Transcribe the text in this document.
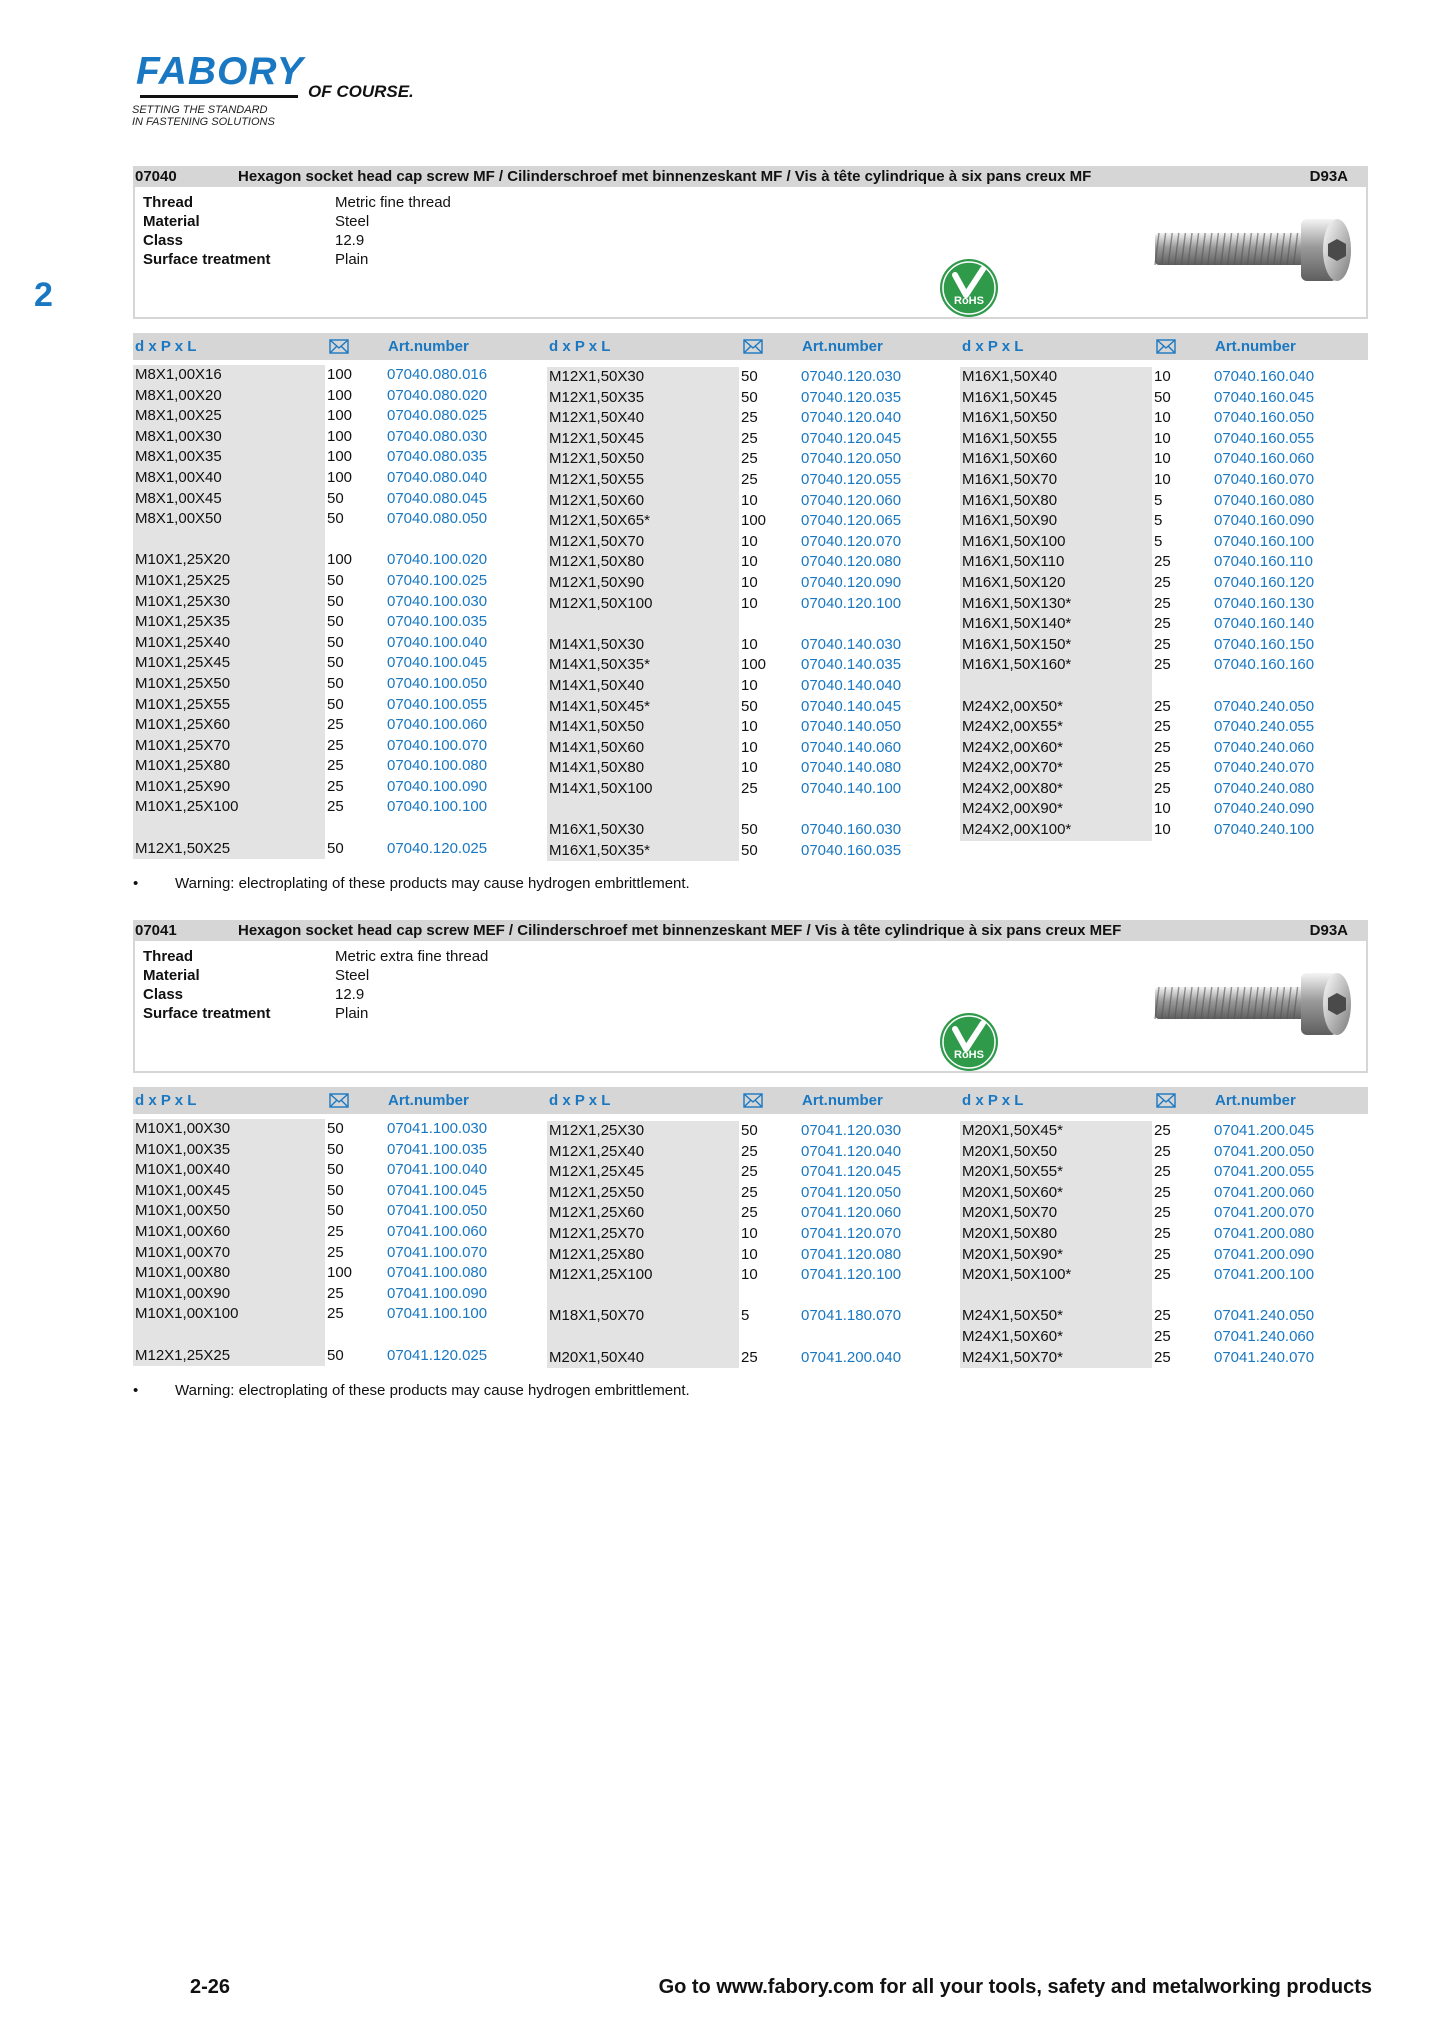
FABORY OF COURSE.
SETTING THE STANDARD
IN FASTENING SOLUTIONS
2
07040	Hexagon socket head cap screw MF / Cilinderschroef met binnenzeskant MF / Vis à tête cylindrique à six pans creux MF	D93A
Thread	Metric fine thread
Material	Steel
Class	12.9
Surface treatment	Plain
RoHS
d x P x L	Art.number	d x P x L	Art.number	d x P x L	Art.number
M8X1,00X16	100 07040.080.016
M8X1,00X20	100 07040.080.020
M8X1,00X25	100 07040.080.025
M8X1,00X30	100 07040.080.030
M8X1,00X35	100 07040.080.035
M8X1,00X40	100 07040.080.040
M8X1,00X45	50	07040.080.045
M8X1,00X50	50	07040.080.050
M10X1,25X20	100 07040.100.020
M10X1,25X25	50	07040.100.025
M10X1,25X30	50	07040.100.030
M10X1,25X35	50	07040.100.035
M10X1,25X40	50	07040.100.040
M10X1,25X45	50	07040.100.045
M10X1,25X50	50	07040.100.050
M10X1,25X55	50	07040.100.055
M10X1,25X60	25	07040.100.060
M10X1,25X70	25	07040.100.070
M10X1,25X80	25	07040.100.080
M10X1,25X90	25	07040.100.090
M10X1,25X100	25	07040.100.100
M12X1,50X25	50	07040.120.025
M12X1,50X30	50	07040.120.030
M12X1,50X35	50	07040.120.035
M12X1,50X40	25	07040.120.040
M12X1,50X45	25	07040.120.045
M12X1,50X50	25	07040.120.050
M12X1,50X55	25	07040.120.055
M12X1,50X60	10	07040.120.060
M12X1,50X65*	100 07040.120.065
M12X1,50X70	10	07040.120.070
M12X1,50X80	10	07040.120.080
M12X1,50X90	10	07040.120.090
M12X1,50X100	10	07040.120.100
M14X1,50X30	10	07040.140.030
M14X1,50X35*	100 07040.140.035
M14X1,50X40	10	07040.140.040
M14X1,50X45*	50	07040.140.045
M14X1,50X50	10	07040.140.050
M14X1,50X60	10	07040.140.060
M14X1,50X80	10	07040.140.080
M14X1,50X100	25	07040.140.100
M16X1,50X30	50	07040.160.030
M16X1,50X35*	50	07040.160.035
M16X1,50X40	10	07040.160.040
M16X1,50X45	50	07040.160.045
M16X1,50X50	10	07040.160.050
M16X1,50X55	10	07040.160.055
M16X1,50X60	10	07040.160.060
M16X1,50X70	10	07040.160.070
M16X1,50X80	5	07040.160.080
M16X1,50X90	5	07040.160.090
M16X1,50X100	5	07040.160.100
M16X1,50X110	25	07040.160.110
M16X1,50X120	25	07040.160.120
M16X1,50X130*	25	07040.160.130
M16X1,50X140*	25	07040.160.140
M16X1,50X150*	25	07040.160.150
M16X1,50X160*	25	07040.160.160
M24X2,00X50*	25	07040.240.050
M24X2,00X55*	25	07040.240.055
M24X2,00X60*	25	07040.240.060
M24X2,00X70*	25	07040.240.070
M24X2,00X80*	25	07040.240.080
M24X2,00X90*	10	07040.240.090
M24X2,00X100*	10	07040.240.100
• Warning: electroplating of these products may cause hydrogen embrittlement.
07041	Hexagon socket head cap screw MEF / Cilinderschroef met binnenzeskant MEF / Vis à tête cylindrique à six pans creux MEF	D93A
Thread	Metric extra fine thread
Material	Steel
Class	12.9
Surface treatment	Plain
RoHS
d x P x L	Art.number	d x P x L	Art.number	d x P x L	Art.number
M10X1,00X30	50	07041.100.030
M10X1,00X35	50	07041.100.035
M10X1,00X40	50	07041.100.040
M10X1,00X45	50	07041.100.045
M10X1,00X50	50	07041.100.050
M10X1,00X60	25	07041.100.060
M10X1,00X70	25	07041.100.070
M10X1,00X80	100 07041.100.080
M10X1,00X90	25	07041.100.090
M10X1,00X100	25	07041.100.100
M12X1,25X25	50	07041.120.025
M12X1,25X30	50	07041.120.030
M12X1,25X40	25	07041.120.040
M12X1,25X45	25	07041.120.045
M12X1,25X50	25	07041.120.050
M12X1,25X60	25	07041.120.060
M12X1,25X70	10	07041.120.070
M12X1,25X80	10	07041.120.080
M12X1,25X100	10	07041.120.100
M18X1,50X70	5	07041.180.070
M20X1,50X40	25	07041.200.040
M20X1,50X45*	25	07041.200.045
M20X1,50X50	25	07041.200.050
M20X1,50X55*	25	07041.200.055
M20X1,50X60*	25	07041.200.060
M20X1,50X70	25	07041.200.070
M20X1,50X80	25	07041.200.080
M20X1,50X90*	25	07041.200.090
M20X1,50X100*	25	07041.200.100
M24X1,50X50*	25	07041.240.050
M24X1,50X60*	25	07041.240.060
M24X1,50X70*	25	07041.240.070
• Warning: electroplating of these products may cause hydrogen embrittlement.
2-26	Go to www.fabory.com for all your tools, safety and metalworking products
